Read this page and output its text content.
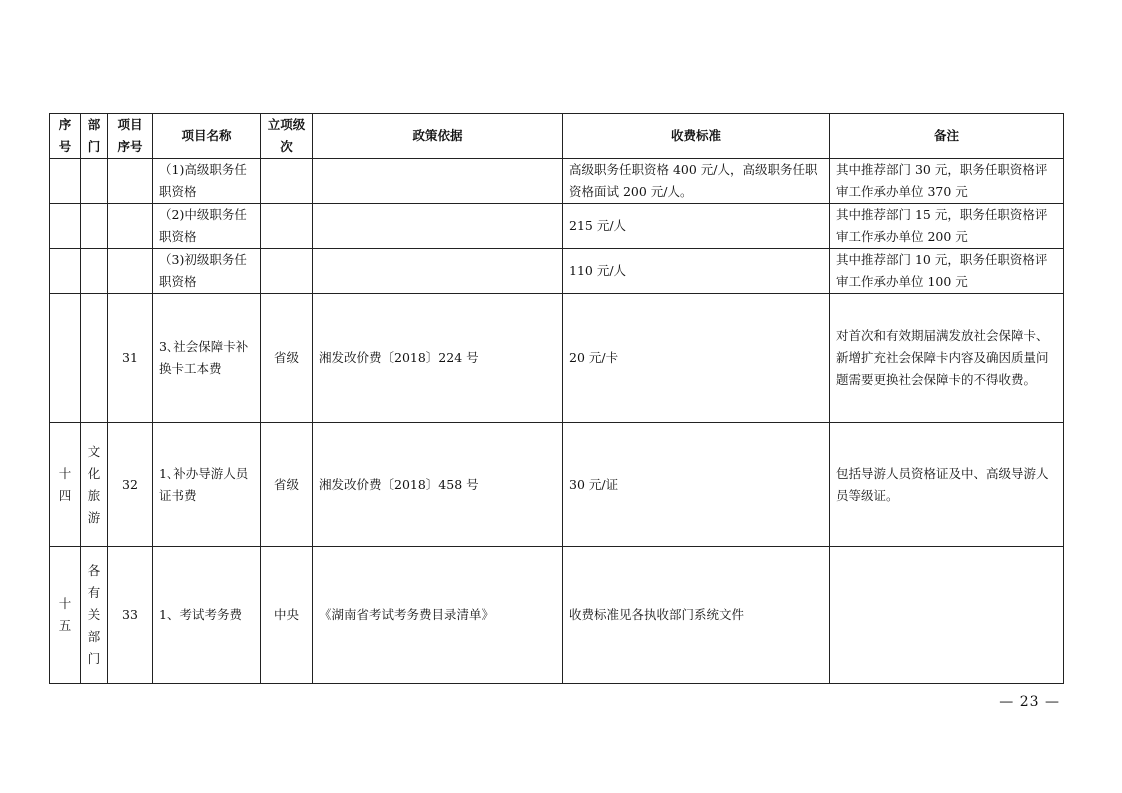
序号	部门	项目序号	项目名称	立项级次	政策依据	收费标准	备注
			（1)高级职务任职资格			高级职务任职资格 400 元/人，高级职务任职资格面试 200 元/人。	其中推荐部门 30 元，职务任职资格评审工作承办单位 370 元
			（2)中级职务任职资格			215 元/人	其中推荐部门 15 元，职务任职资格评审工作承办单位 200 元
			（3)初级职务任职资格			110 元/人	其中推荐部门 10 元，职务任职资格评审工作承办单位 100 元
		31	3､社会保障卡补换卡工本费	省级	湘发改价费〔2018〕224 号	20 元/卡	对首次和有效期届满发放社会保障卡、新增扩充社会保障卡内容及确因质量问题需要更换社会保障卡的不得收费。
十四	文化旅游	32	1､补办导游人员证书费	省级	湘发改价费〔2018〕458 号	30 元/证	包括导游人员资格证及中、高级导游人员等级证。
十五	各有关部门	33	1、考试考务费	中央	《湖南省考试考务费目录清单》	收费标准见各执收部门系统文件	
— 23 —
